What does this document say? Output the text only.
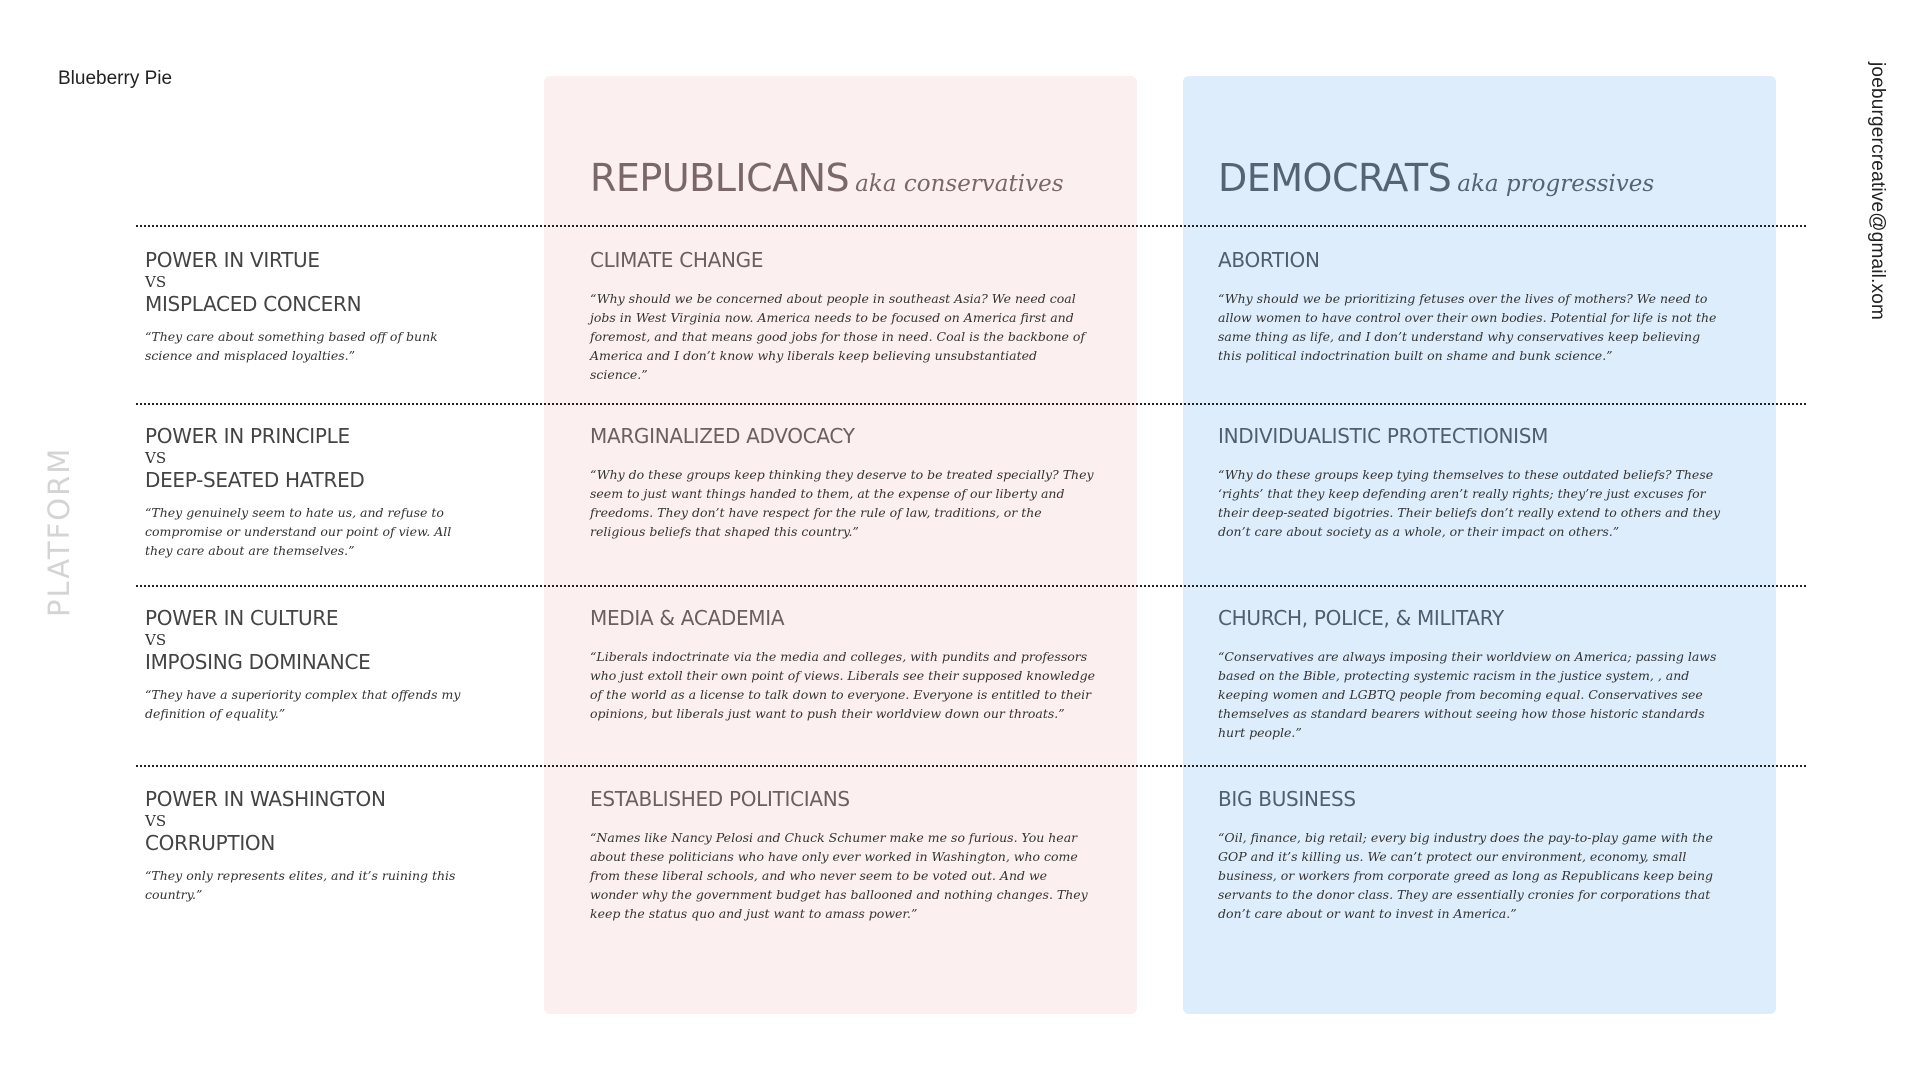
Blueberry Pie	joeburgercreative@gmail.xom
PLATFORM
REPUBLICANS aka conservatives	DEMOCRATS aka progressives
POWER IN VIRTUE
VS
MISPLACED CONCERN
“They care about something based off of bunk science and misplaced loyalties.”
CLIMATE CHANGE
“Why should we be concerned about people in southeast Asia? We need coal jobs in West Virginia now. America needs to be focused on America first and foremost, and that means good jobs for those in need. Coal is the backbone of America and I don’t know why liberals keep believing unsubstantiated science.”
ABORTION
“Why should we be prioritizing fetuses over the lives of mothers? We need to allow women to have control over their own bodies. Potential for life is not the same thing as life, and I don’t understand why conservatives keep believing this political indoctrination built on shame and bunk science.”
POWER IN PRINCIPLE
VS
DEEP-SEATED HATRED
“They genuinely seem to hate us, and refuse to compromise or understand our point of view. All they care about are themselves.”
MARGINALIZED ADVOCACY
“Why do these groups keep thinking they deserve to be treated specially? They seem to just want things handed to them, at the expense of our liberty and freedoms. They don’t have respect for the rule of law, traditions, or the religious beliefs that shaped this country.”
INDIVIDUALISTIC PROTECTIONISM
“Why do these groups keep tying themselves to these outdated beliefs? These ‘rights’ that they keep defending aren’t really rights; they’re just excuses for their deep-seated bigotries. Their beliefs don’t really extend to others and they don’t care about society as a whole, or their impact on others.”
POWER IN CULTURE
VS
IMPOSING DOMINANCE
“They have a superiority complex that offends my definition of equality.”
MEDIA & ACADEMIA
“Liberals indoctrinate via the media and colleges, with pundits and professors who just extoll their own point of views. Liberals see their supposed knowledge of the world as a license to talk down to everyone. Everyone is entitled to their opinions, but liberals just want to push their worldview down our throats.”
CHURCH, POLICE, & MILITARY
“Conservatives are always imposing their worldview on America; passing laws based on the Bible, protecting systemic racism in the justice system, , and keeping women and LGBTQ people from becoming equal. Conservatives see themselves as standard bearers without seeing how those historic standards hurt people.”
POWER IN WASHINGTON
VS
CORRUPTION
“They only represents elites, and it’s ruining this country.”
ESTABLISHED POLITICIANS
“Names like Nancy Pelosi and Chuck Schumer make me so furious. You hear about these politicians who have only ever worked in Washington, who come from these liberal schools, and who never seem to be voted out. And we wonder why the government budget has ballooned and nothing changes. They keep the status quo and just want to amass power.”
BIG BUSINESS
“Oil, finance, big retail; every big industry does the pay-to-play game with the GOP and it’s killing us. We can’t protect our environment, economy, small business, or workers from corporate greed as long as Republicans keep being servants to the donor class. They are essentially cronies for corporations that don’t care about or want to invest in America.”
